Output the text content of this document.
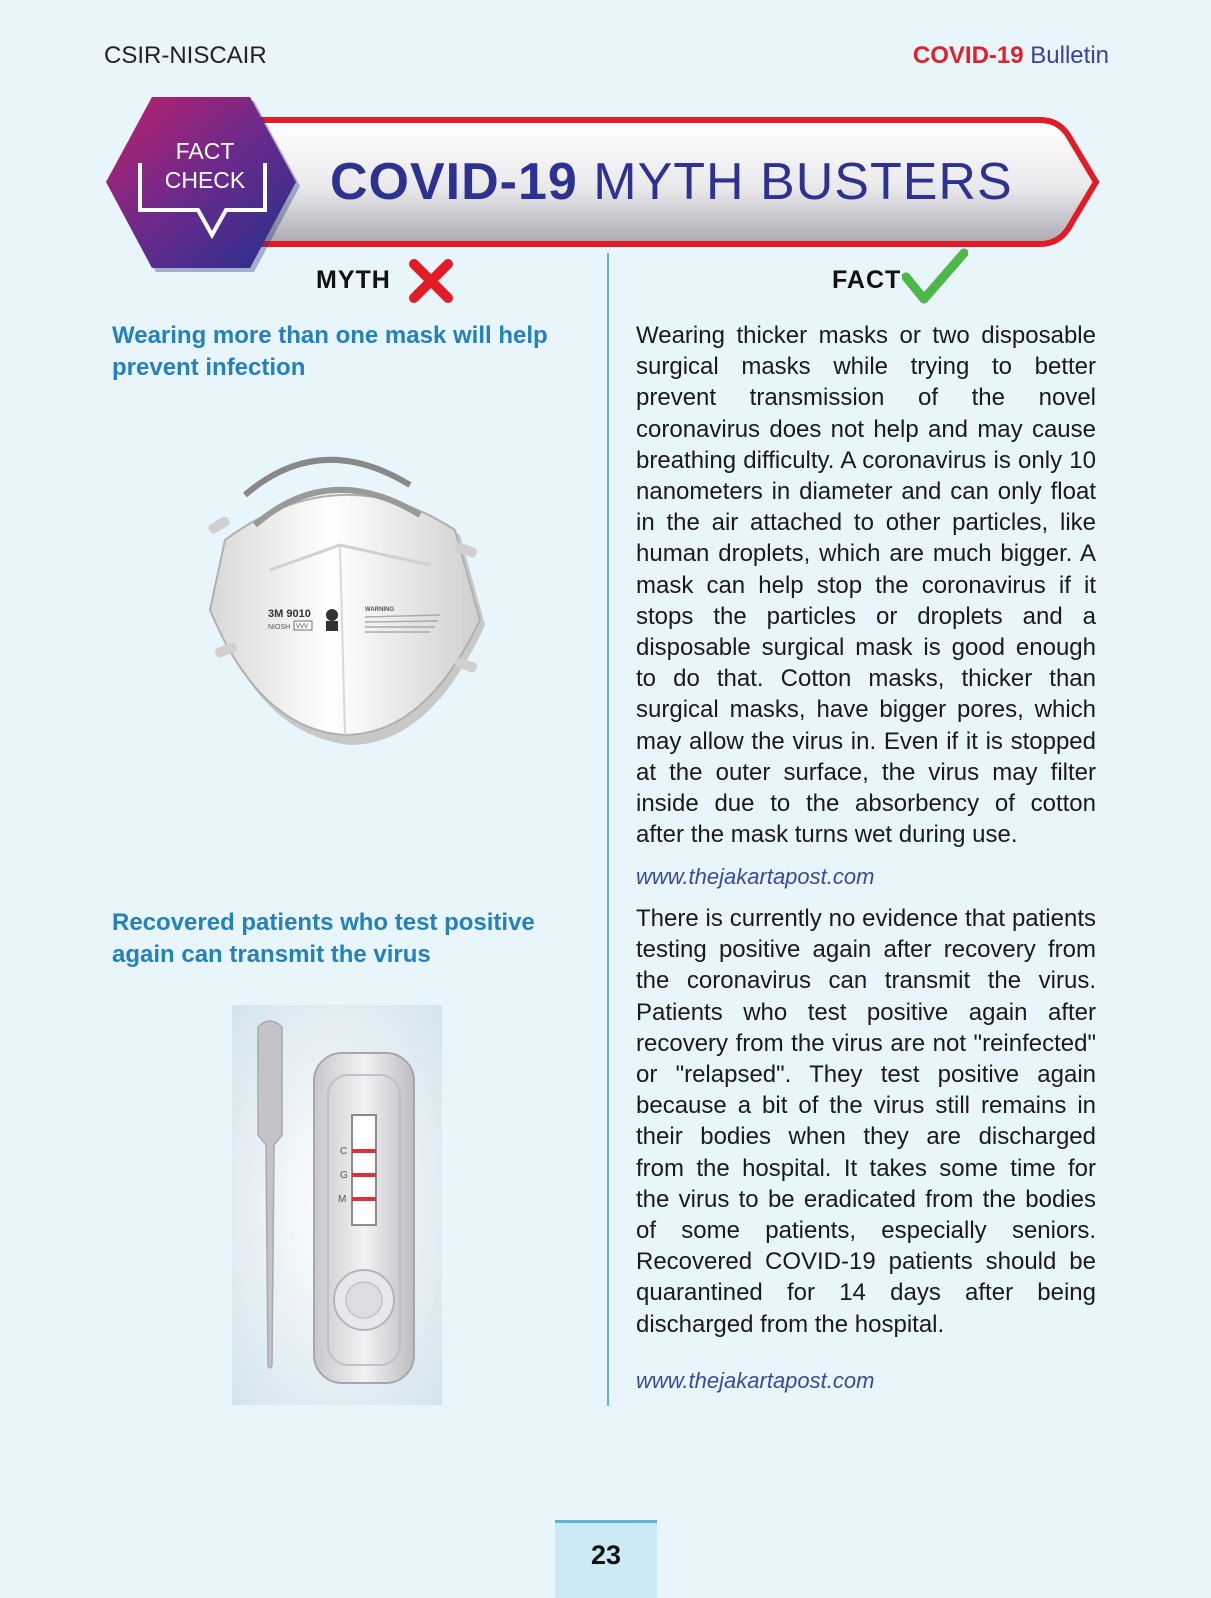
CSIR-NISCAIR	COVID-19 Bulletin
FACT
CHECK	COVID-19 MYTH BUSTERS
MYTH	FACT
Wearing more than one mask will help
prevent infection
Wearing thicker masks or two disposable surgical masks while trying to better prevent transmission of the novel coronavirus does not help and may cause breathing difficulty. A coronavirus is only 10 nanometers in diameter and can only float in the air attached to other particles, like human droplets, which are much bigger. A mask can help stop the coronavirus if it stops the particles or droplets and a disposable surgical mask is good enough to do that. Cotton masks, thicker than surgical masks, have bigger pores, which may allow the virus in. Even if it is stopped at the outer surface, the virus may filter inside due to the absorbency of cotton after the mask turns wet during use.
www.thejakartapost.com
3M 9010
NIOSH VVV
WARNING
Recovered patients who test positive
again can transmit the virus
There is currently no evidence that patients testing positive again after recovery from the coronavirus can transmit the virus. Patients who test positive again after recovery from the virus are not "reinfected" or "relapsed". They test positive again because a bit of the virus still remains in their bodies when they are discharged from the hospital. It takes some time for the virus to be eradicated from the bodies of some patients, especially seniors. Recovered COVID-19 patients should be quarantined for 14 days after being discharged from the hospital.
www.thejakartapost.com
C
G
M
23
